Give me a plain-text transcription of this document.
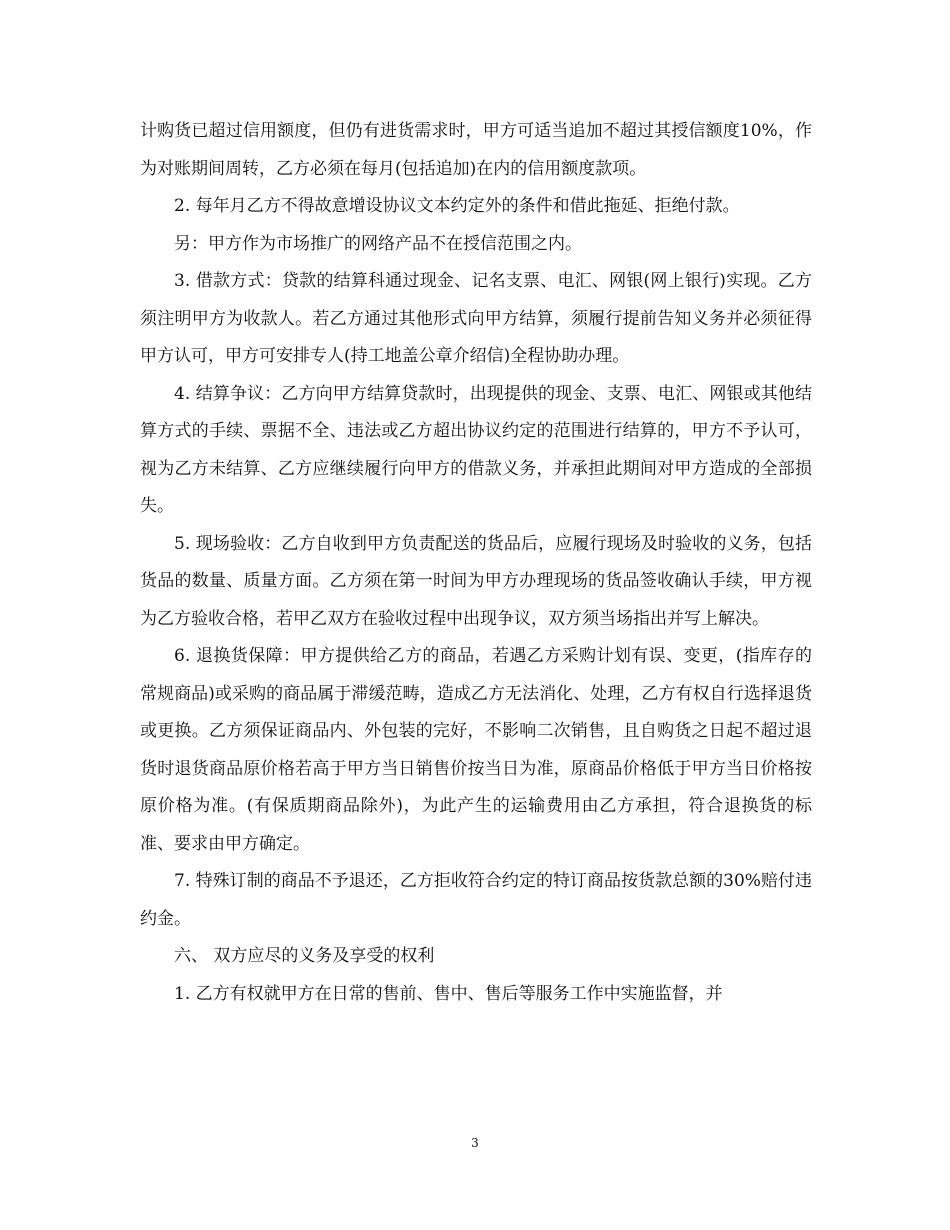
计购货已超过信用额度，但仍有进货需求时，甲方可适当追加不超过其授信额度10%，作为对账期间周转，乙方必须在每月(包括追加)在内的信用额度款项。

2. 每年月乙方不得故意增设协议文本约定外的条件和借此拖延、拒绝付款。

另：甲方作为市场推广的网络产品不在授信范围之内。

3. 借款方式：贷款的结算科通过现金、记名支票、电汇、网银(网上银行)实现。乙方须注明甲方为收款人。若乙方通过其他形式向甲方结算，须履行提前告知义务并必须征得甲方认可，甲方可安排专人(持工地盖公章介绍信)全程协助办理。

4. 结算争议：乙方向甲方结算贷款时，出现提供的现金、支票、电汇、网银或其他结算方式的手续、票据不全、违法或乙方超出协议约定的范围进行结算的，甲方不予认可，视为乙方未结算、乙方应继续履行向甲方的借款义务，并承担此期间对甲方造成的全部损失。

5. 现场验收：乙方自收到甲方负责配送的货品后，应履行现场及时验收的义务，包括货品的数量、质量方面。乙方须在第一时间为甲方办理现场的货品签收确认手续，甲方视为乙方验收合格，若甲乙双方在验收过程中出现争议，双方须当场指出并写上解决。

6. 退换货保障：甲方提供给乙方的商品，若遇乙方采购计划有误、变更，(指库存的常规商品)或采购的商品属于滞缓范畴，造成乙方无法消化、处理，乙方有权自行选择退货或更换。乙方须保证商品内、外包装的完好，不影响二次销售，且自购货之日起不超过退货时退货商品原价格若高于甲方当日销售价按当日为准，原商品价格低于甲方当日价格按原价格为准。(有保质期商品除外)，为此产生的运输费用由乙方承担，符合退换货的标准、要求由甲方确定。

7. 特殊订制的商品不予退还，乙方拒收符合约定的特订商品按货款总额的30%赔付违约金。

六、 双方应尽的义务及享受的权利

1. 乙方有权就甲方在日常的售前、售中、售后等服务工作中实施监督，并

3
